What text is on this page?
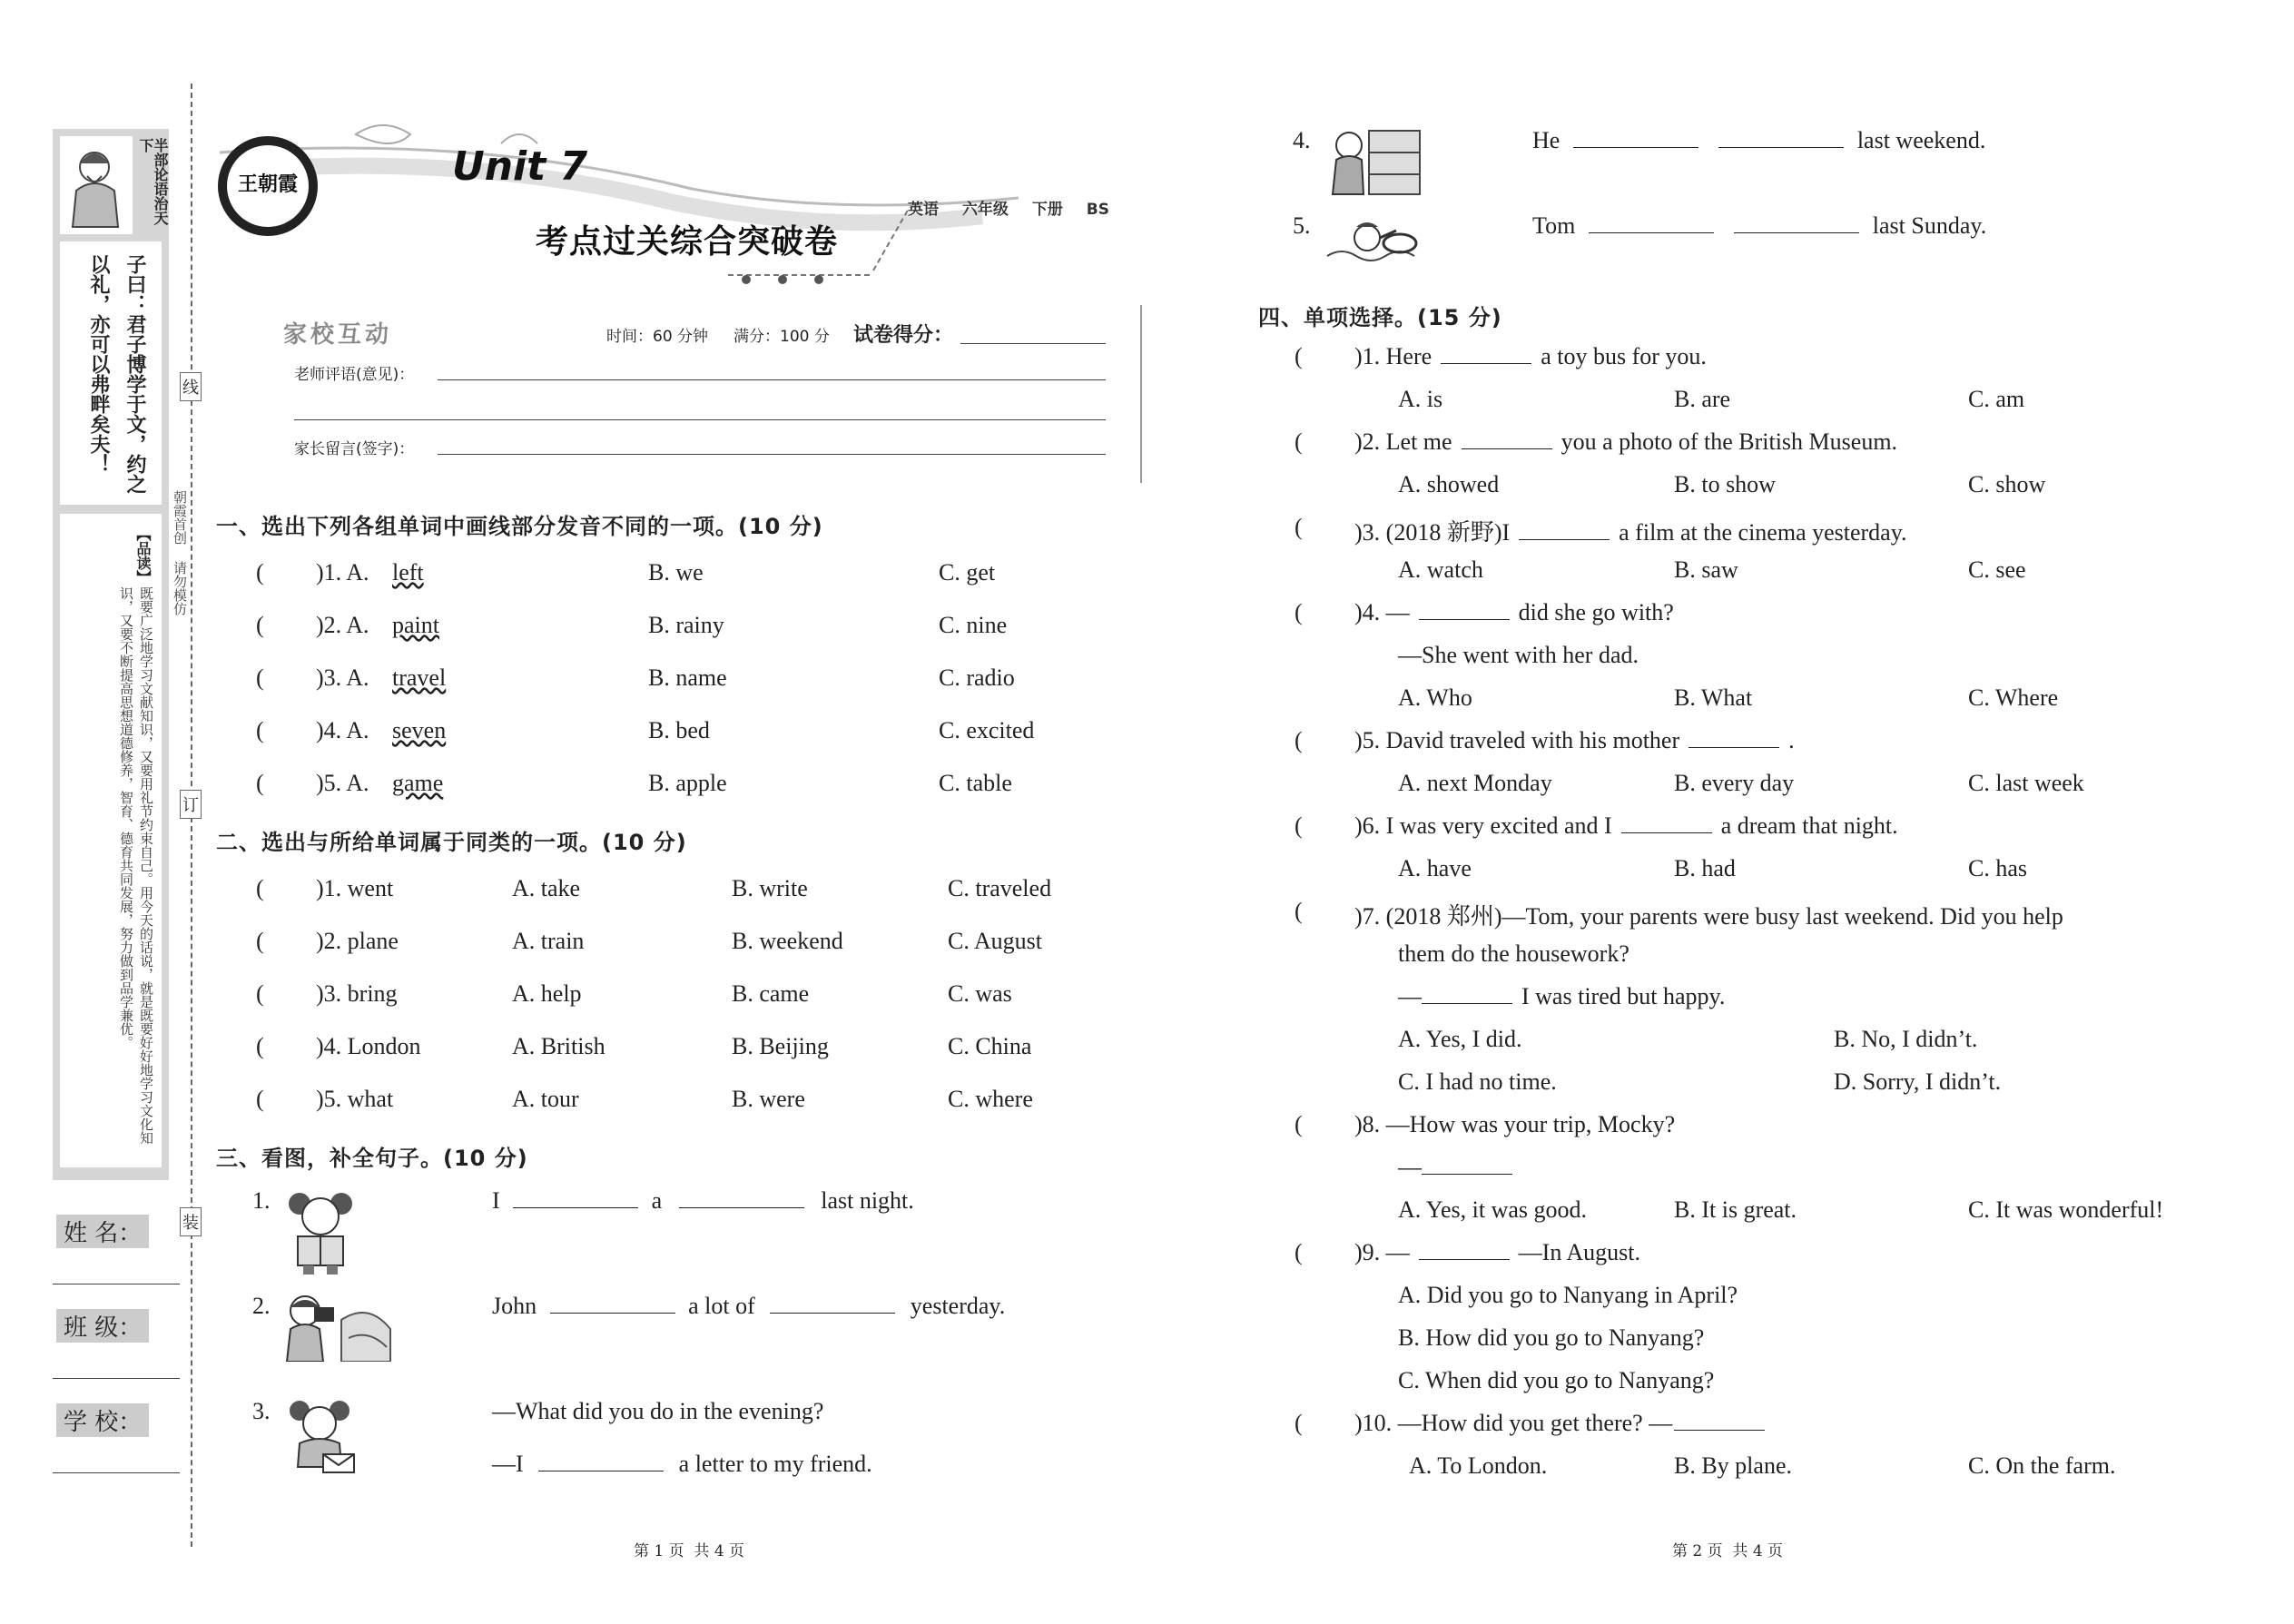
半部论语治天下
子曰：君子博学于文，约之
以礼，亦可以弗畔矣夫！
【品读】
既要广泛地学习文献知识，又要用礼节约束自己。用今天的话说，就是既要好好地学习文化知识，又要不断提高思想道德修养，智育、德育共同发展，努力做到品学兼优。
姓 名：
班 级：
学 校：
线
订
装
朝霞首创 请勿模仿
王朝霞	Unit 7
考点过关综合突破卷
英语 六年级 下册 BS
家校互动	时间：60 分钟 满分：100 分 试卷得分：
老师评语(意见)：
家长留言(签字)：
一、选出下列各组单词中画线部分发音不同的一项。(10 分)
( )1. A. left	B. we	C. get
( )2. A. paint	B. rainy	C. nine
( )3. A. travel	B. name	C. radio
( )4. A. seven	B. bed	C. excited
( )5. A. game	B. apple	C. table
二、选出与所给单词属于同类的一项。(10 分)
( )1. went	A. take	B. write	C. traveled
( )2. plane	A. train	B. weekend	C. August
( )3. bring	A. help	B. came	C. was
( )4. London	A. British	B. Beijing	C. China
( )5. what	A. tour	B. were	C. where
三、看图，补全句子。(10 分)
1.	I	a	last night.
2.	John	a lot of	yesterday.
3.	—What did you do in the evening?
—I	a letter to my friend.
4.	He	last weekend.
5.	Tom	last Sunday.
四、单项选择。(15 分)
( )1. Here	a toy bus for you.
A. is	B. are	C. am
( )2. Let me	you a photo of the British Museum.
A. showed	B. to show	C. show
( )3. (2018 新野)I	a film at the cinema yesterday.
A. watch	B. saw	C. see
( )4. —	did she go with?
—She went with her dad.
A. Who	B. What	C. Where
( )5. David traveled with his mother	.
A. next Monday	B. every day	C. last week
( )6. I was very excited and I	a dream that night.
A. have	B. had	C. has
( )7. (2018 郑州)—Tom, your parents were busy last weekend. Did you help
them do the housework?
—	I was tired but happy.
A. Yes, I did.	B. No, I didn’t.
C. I had no time.	D. Sorry, I didn’t.
( )8. —How was your trip, Mocky?
—
A. Yes, it was good.	B. It is great.	C. It was wonderful!
( )9. —	—In August.
A. Did you go to Nanyang in April?
B. How did you go to Nanyang?
C. When did you go to Nanyang?
( )10. —How did you get there? —
A. To London.	B. By plane.	C. On the farm.
第 1 页  共 4 页	第 2 页  共 4 页
